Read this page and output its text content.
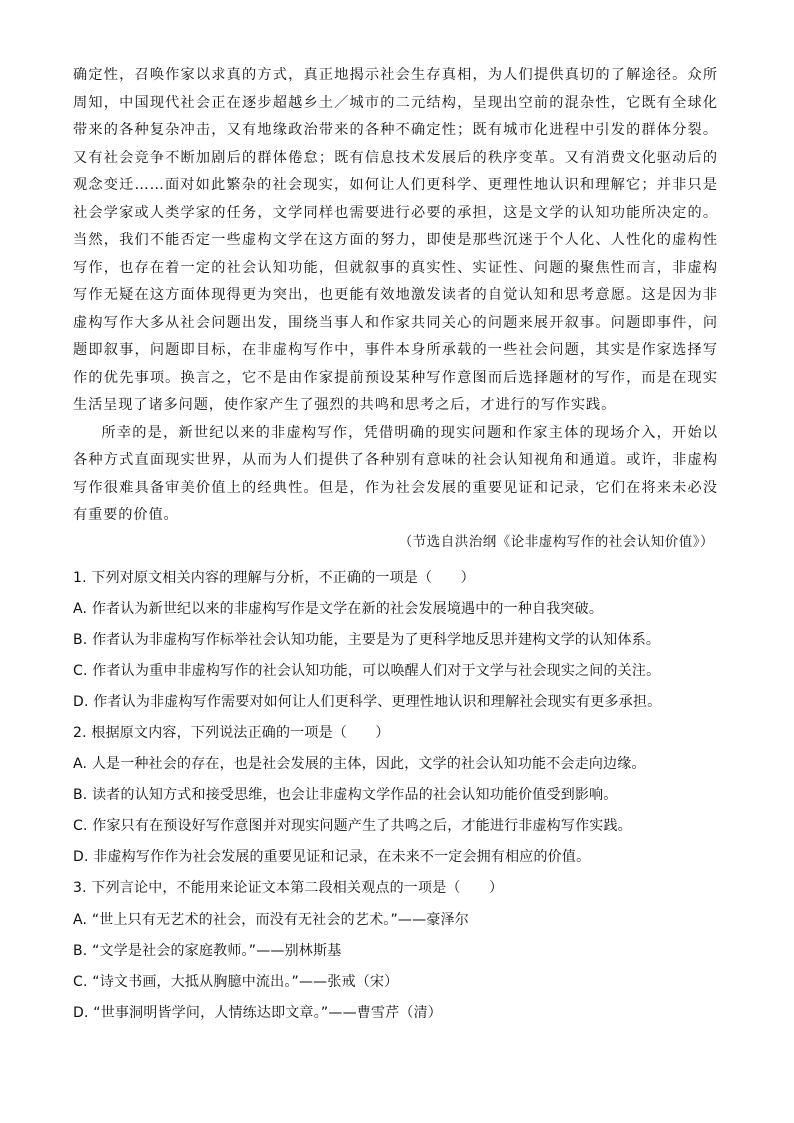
确定性，召唤作家以求真的方式，真正地揭示社会生存真相，为人们提供真切的了解途径。众所周知，中国现代社会正在逐步超越乡土／城市的二元结构，呈现出空前的混杂性，它既有全球化带来的各种复杂冲击，又有地缘政治带来的各种不确定性；既有城市化进程中引发的群体分裂。又有社会竞争不断加剧后的群体倦怠；既有信息技术发展后的秩序变革。又有消费文化驱动后的观念变迁……面对如此繁杂的社会现实，如何让人们更科学、更理性地认识和理解它；并非只是社会学家或人类学家的任务，文学同样也需要进行必要的承担，这是文学的认知功能所决定的。当然，我们不能否定一些虚构文学在这方面的努力，即使是那些沉迷于个人化、人性化的虚构性写作，也存在着一定的社会认知功能，但就叙事的真实性、实证性、问题的聚焦性而言，非虚构写作无疑在这方面体现得更为突出，也更能有效地激发读者的自觉认知和思考意愿。这是因为非虚构写作大多从社会问题出发，围绕当事人和作家共同关心的问题来展开叙事。问题即事件，问题即叙事，问题即目标，在非虚构写作中，事件本身所承载的一些社会问题，其实是作家选择写作的优先事项。换言之，它不是由作家提前预设某种写作意图而后选择题材的写作，而是在现实生活呈现了诸多问题，使作家产生了强烈的共鸣和思考之后，才进行的写作实践。

所幸的是，新世纪以来的非虚构写作，凭借明确的现实问题和作家主体的现场介入，开始以各种方式直面现实世界，从而为人们提供了各种别有意味的社会认知视角和通道。或许，非虚构写作很难具备审美价值上的经典性。但是，作为社会发展的重要见证和记录，它们在将来未必没有重要的价值。

（节选自洪治纲《论非虚构写作的社会认知价值》）
1. 下列对原文相关内容的理解与分析，不正确的一项是（　　）
A. 作者认为新世纪以来的非虚构写作是文学在新的社会发展境遇中的一种自我突破。
B. 作者认为非虚构写作标举社会认知功能，主要是为了更科学地反思并建构文学的认知体系。
C. 作者认为重申非虚构写作的社会认知功能，可以唤醒人们对于文学与社会现实之间的关注。
D. 作者认为非虚构写作需要对如何让人们更科学、更理性地认识和理解社会现实有更多承担。
2. 根据原文内容，下列说法正确的一项是（　　）
A. 人是一种社会的存在，也是社会发展的主体，因此，文学的社会认知功能不会走向边缘。
B. 读者的认知方式和接受思维，也会让非虚构文学作品的社会认知功能价值受到影响。
C. 作家只有在预设好写作意图并对现实问题产生了共鸣之后，才能进行非虚构写作实践。
D. 非虚构写作作为社会发展的重要见证和记录，在未来不一定会拥有相应的价值。
3. 下列言论中，不能用来论证文本第二段相关观点的一项是（　　）
A. “世上只有无艺术的社会，而没有无社会的艺术。”——豪泽尔
B. “文学是社会的家庭教师。”——别林斯基
C. “诗文书画，大抵从胸臆中流出。”——张戒（宋）
D. “世事洞明皆学问，人情练达即文章。”——曹雪芹（清）
